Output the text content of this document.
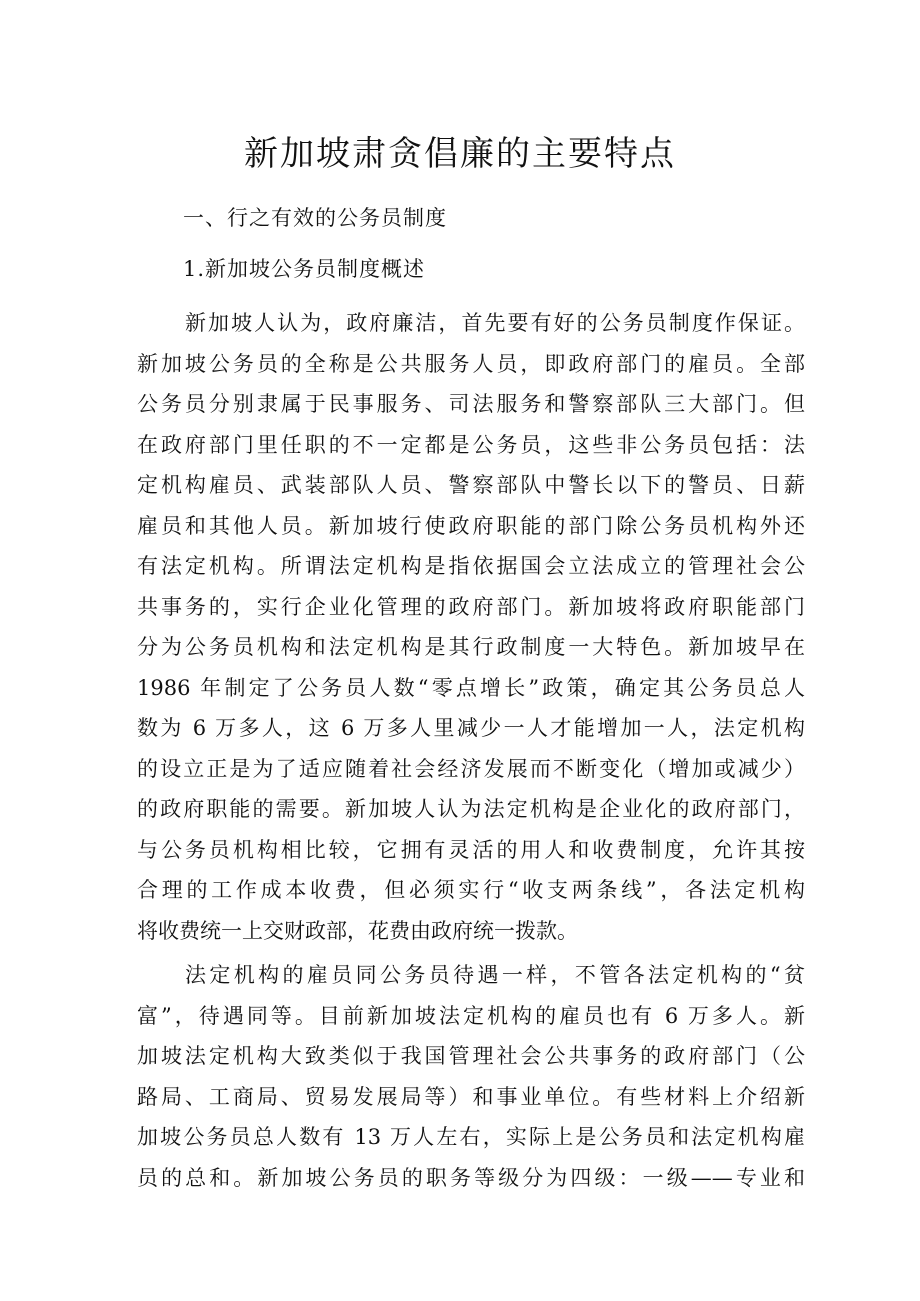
新加坡肃贪倡廉的主要特点
一、行之有效的公务员制度
1.新加坡公务员制度概述
新加坡人认为，政府廉洁，首先要有好的公务员制度作保证。
新加坡公务员的全称是公共服务人员，即政府部门的雇员。全部
公务员分别隶属于民事服务、司法服务和警察部队三大部门。但
在政府部门里任职的不一定都是公务员，这些非公务员包括：法
定机构雇员、武装部队人员、警察部队中警长以下的警员、日薪
雇员和其他人员。新加坡行使政府职能的部门除公务员机构外还
有法定机构。所谓法定机构是指依据国会立法成立的管理社会公
共事务的，实行企业化管理的政府部门。新加坡将政府职能部门
分为公务员机构和法定机构是其行政制度一大特色。新加坡早在
1986 年制定了公务员人数“零点增长”政策，确定其公务员总人
数为 6 万多人，这 6 万多人里减少一人才能增加一人，法定机构
的设立正是为了适应随着社会经济发展而不断变化（增加或减少）
的政府职能的需要。新加坡人认为法定机构是企业化的政府部门，
与公务员机构相比较，它拥有灵活的用人和收费制度，允许其按
合理的工作成本收费，但必须实行“收支两条线”，各法定机构
将收费统一上交财政部，花费由政府统一拨款。
法定机构的雇员同公务员待遇一样，不管各法定机构的“贫
富”，待遇同等。目前新加坡法定机构的雇员也有 6 万多人。新
加坡法定机构大致类似于我国管理社会公共事务的政府部门（公
路局、工商局、贸易发展局等）和事业单位。有些材料上介绍新
加坡公务员总人数有 13 万人左右，实际上是公务员和法定机构雇
员的总和。新加坡公务员的职务等级分为四级：一级——专业和
